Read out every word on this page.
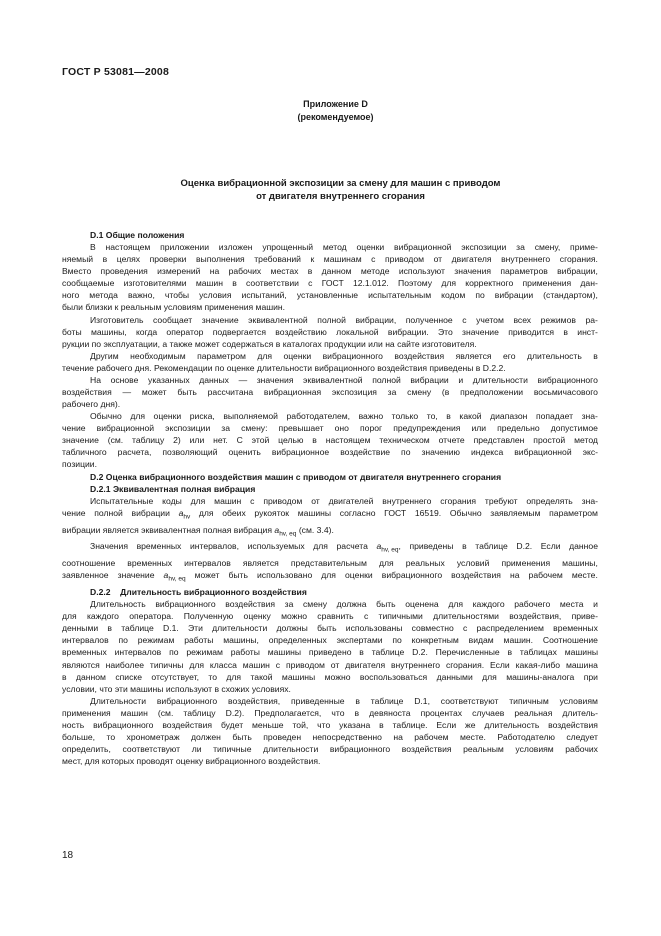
ГОСТ Р 53081—2008
Приложение D
(рекомендуемое)
Оценка вибрационной экспозиции за смену для машин с приводом
от двигателя внутреннего сгорания
D.1 Общие положения
В настоящем приложении изложен упрощенный метод оценки вибрационной экспозиции за смену, приме-
няемый в целях проверки выполнения требований к машинам с приводом от двигателя внутреннего сгорания.
Вместо проведения измерений на рабочих местах в данном методе используют значения параметров вибрации,
сообщаемые изготовителями машин в соответствии с ГОСТ 12.1.012. Поэтому для корректного применения дан-
ного метода важно, чтобы условия испытаний, установленные испытательным кодом по вибрации (стандартом),
были близки к реальным условиям применения машин.
Изготовитель сообщает значение эквивалентной полной вибрации, полученное с учетом всех режимов ра-
боты машины, когда оператор подвергается воздействию локальной вибрации. Это значение приводится в инст-
рукции по эксплуатации, а также может содержаться в каталогах продукции или на сайте изготовителя.
Другим необходимым параметром для оценки вибрационного воздействия является его длительность в
течение рабочего дня. Рекомендации по оценке длительности вибрационного воздействия приведены в D.2.2.
На основе указанных данных — значения эквивалентной полной вибрации и длительности вибрационного
воздействия — может быть рассчитана вибрационная экспозиция за смену (в предположении восьмичасового
рабочего дня).
Обычно для оценки риска, выполняемой работодателем, важно только то, в какой диапазон попадает зна-
чение вибрационной экспозиции за смену: превышает оно порог предупреждения или предельно допустимое
значение (см. таблицу 2) или нет. С этой целью в настоящем техническом отчете представлен простой метод
табличного расчета, позволяющий оценить вибрационное воздействие по значению индекса вибрационной экс-
позиции.
D.2 Оценка вибрационного воздействия машин с приводом от двигателя внутреннего сгорания
D.2.1 Эквивалентная полная вибрация
Испытательные коды для машин с приводом от двигателей внутреннего сгорания требуют определять зна-
чение полной вибрации $a_{hv}$ для обеих рукояток машины согласно ГОСТ 16519. Обычно заявляемым параметром
вибрации является эквивалентная полная вибрация $a_{hv, eq}$ (см. 3.4).
Значения временных интервалов, используемых для расчета $a_{hv, eq}$, приведены в таблице D.2. Если данное
соотношение временных интервалов является представительным для реальных условий применения машины,
заявленное значение $a_{hv, eq}$ может быть использовано для оценки вибрационного воздействия на рабочем месте.
D.2.2

Длительность вибрационного воздействия
Длительность вибрационного воздействия за смену должна быть оценена для каждого рабочего места и
для каждого оператора. Полученную оценку можно сравнить с типичными длительностями воздействия, приве-
денными в таблице D.1. Эти длительности должны быть использованы совместно с распределением временных
интервалов по режимам работы машины, определенных экспертами по конкретным видам машин. Соотношение
временных интервалов по режимам работы машины приведено в таблице D.2. Перечисленные в таблицах машины
являются наиболее типичны для класса машин с приводом от двигателя внутреннего сгорания. Если какая-либо машина
в данном списке отсутствует, то для такой машины можно воспользоваться данными для машины-аналога при
условии, что эти машины используют в схожих условиях.
Длительности вибрационного воздействия, приведенные в таблице D.1, соответствуют типичным условиям
применения машин (см. таблицу D.2). Предполагается, что в девяноста процентах случаев реальная длитель-
ность вибрационного воздействия будет меньше той, что указана в таблице. Если же длительность воздействия
больше, то хронометраж должен быть проведен непосредственно на рабочем месте. Работодателю следует
определить, соответствуют ли типичные длительности вибрационного воздействия реальным условиям рабочих
мест, для которых проводят оценку вибрационного воздействия.
18
